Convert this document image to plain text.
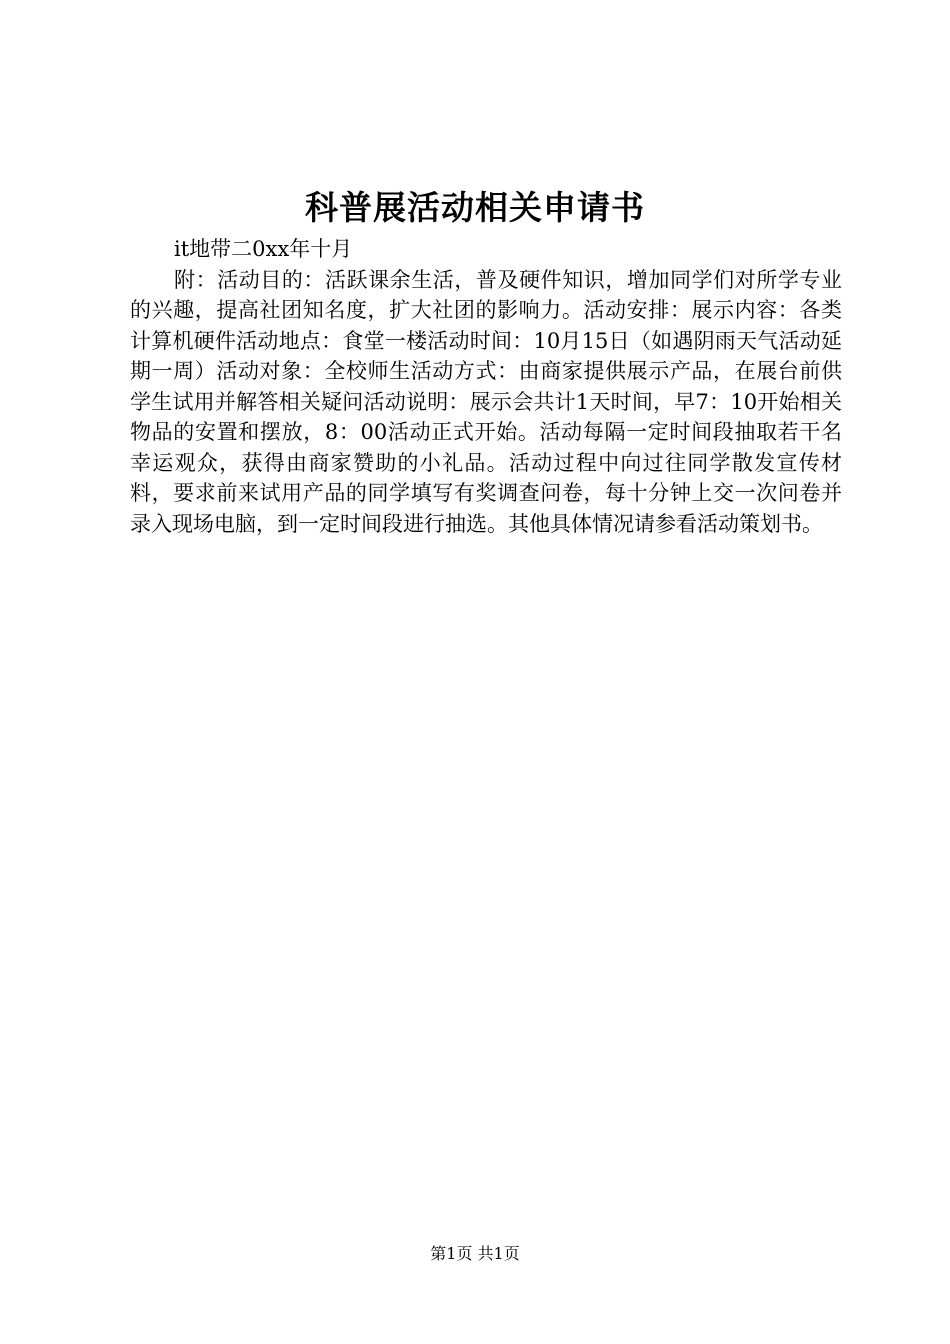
科普展活动相关申请书

it地带二0xx年十月

附：活动目的：活跃课余生活，普及硬件知识，增加同学们对所学专业的兴趣，提高社团知名度，扩大社团的影响力。活动安排：展示内容：各类计算机硬件活动地点：食堂一楼活动时间：10月15日（如遇阴雨天气活动延期一周）活动对象：全校师生活动方式：由商家提供展示产品，在展台前供学生试用并解答相关疑问活动说明：展示会共计1天时间，早7：10开始相关物品的安置和摆放，8：00活动正式开始。活动每隔一定时间段抽取若干名幸运观众，获得由商家赞助的小礼品。活动过程中向过往同学散发宣传材料，要求前来试用产品的同学填写有奖调查问卷，每十分钟上交一次问卷并录入现场电脑，到一定时间段进行抽选。其他具体情况请参看活动策划书。

第1页 共1页
